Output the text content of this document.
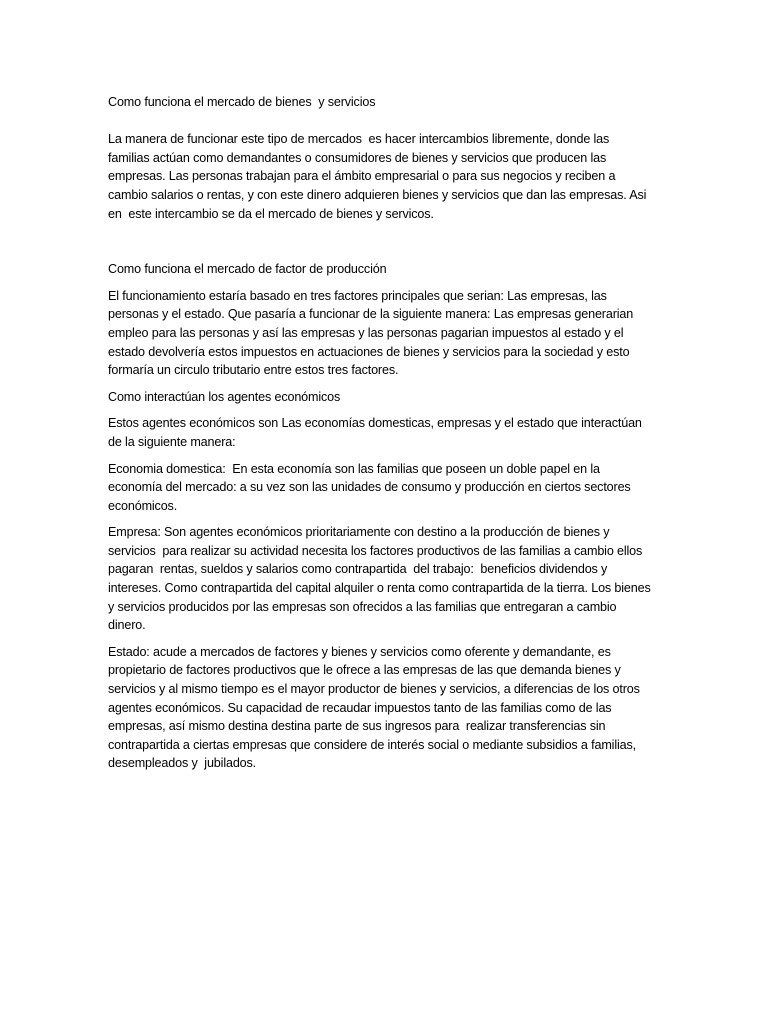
Como funciona el mercado de bienes  y servicios

La manera de funcionar este tipo de mercados  es hacer intercambios libremente, donde las familias actúan como demandantes o consumidores de bienes y servicios que producen las empresas. Las personas trabajan para el ámbito empresarial o para sus negocios y reciben a cambio salarios o rentas, y con este dinero adquieren bienes y servicios que dan las empresas. Asi en  este intercambio se da el mercado de bienes y servicos.

Como funciona el mercado de factor de producción

El funcionamiento estaría basado en tres factores principales que serian: Las empresas, las personas y el estado. Que pasaría a funcionar de la siguiente manera: Las empresas generarian empleo para las personas y así las empresas y las personas pagarian impuestos al estado y el estado devolvería estos impuestos en actuaciones de bienes y servicios para la sociedad y esto formaría un circulo tributario entre estos tres factores.

Como interactúan los agentes económicos

Estos agentes económicos son Las economías domesticas, empresas y el estado que interactúan de la siguiente manera:

Economia domestica:  En esta economía son las familias que poseen un doble papel en la economía del mercado: a su vez son las unidades de consumo y producción en ciertos sectores económicos.

Empresa: Son agentes económicos prioritariamente con destino a la producción de bienes y servicios  para realizar su actividad necesita los factores productivos de las familias a cambio ellos pagaran  rentas, sueldos y salarios como contrapartida  del trabajo:  beneficios dividendos y intereses. Como contrapartida del capital alquiler o renta como contrapartida de la tierra. Los bienes y servicios producidos por las empresas son ofrecidos a las familias que entregaran a cambio dinero.

Estado: acude a mercados de factores y bienes y servicios como oferente y demandante, es propietario de factores productivos que le ofrece a las empresas de las que demanda bienes y servicios y al mismo tiempo es el mayor productor de bienes y servicios, a diferencias de los otros agentes económicos. Su capacidad de recaudar impuestos tanto de las familias como de las empresas, así mismo destina destina parte de sus ingresos para  realizar transferencias sin contrapartida a ciertas empresas que considere de interés social o mediante subsidios a familias, desempleados y  jubilados.
